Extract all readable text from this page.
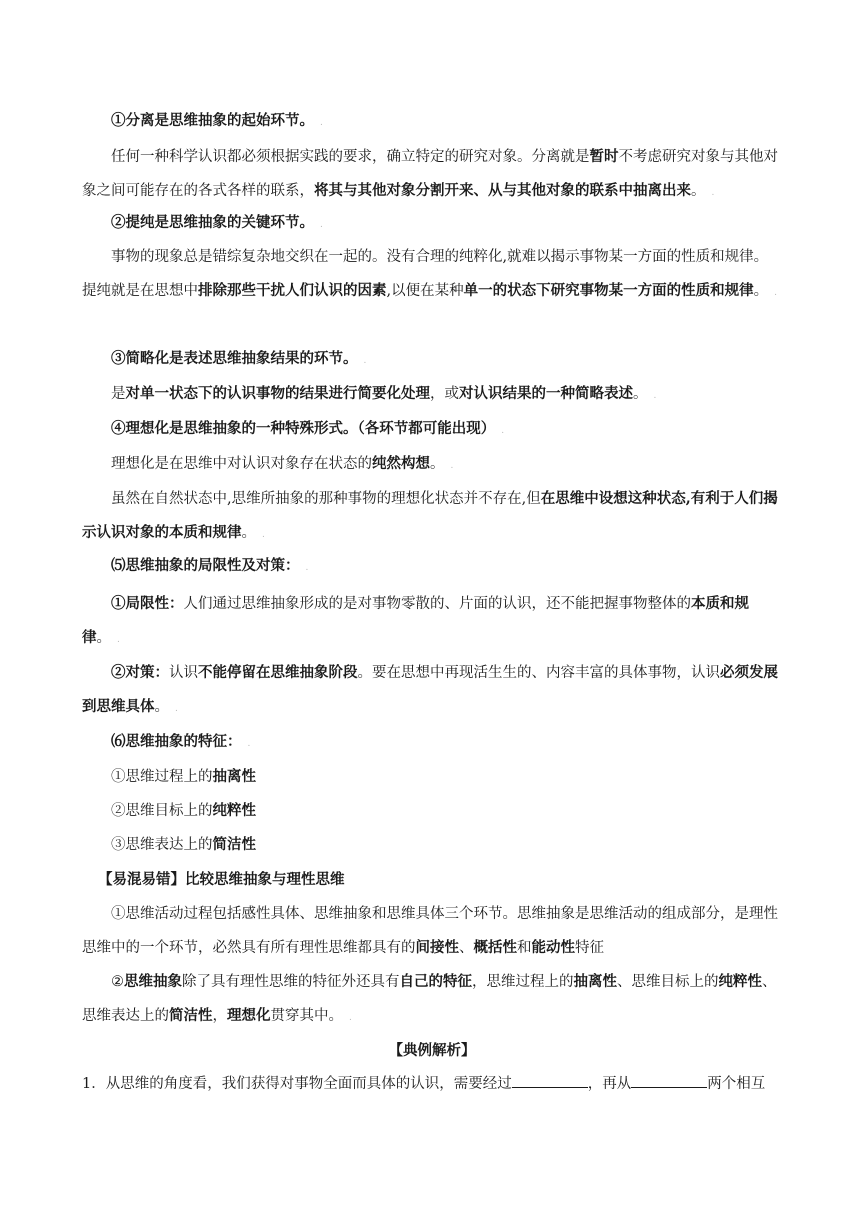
①分离是思维抽象的起始环节。 .
任何一种科学认识都必须根据实践的要求，确立特定的研究对象。分离就是暂时不考虑研究对象与其他对象之间可能存在的各式各样的联系，将其与其他对象分割开来、从与其他对象的联系中抽离出来。 .
②提纯是思维抽象的关键环节。 .
事物的现象总是错综复杂地交织在一起的。没有合理的纯粹化,就难以揭示事物某一方面的性质和规律。提纯就是在思想中排除那些干扰人们认识的因素,以便在某种单一的状态下研究事物某一方面的性质和规律。 .
③简略化是表述思维抽象结果的环节。 .
是对单一状态下的认识事物的结果进行简要化处理，或对认识结果的一种简略表述。 .
④理想化是思维抽象的一种特殊形式。（各环节都可能出现） .
理想化是在思维中对认识对象存在状态的纯然构想。 .
虽然在自然状态中,思维所抽象的那种事物的理想化状态并不存在,但在思维中设想这种状态,有利于人们揭示认识对象的本质和规律。 .
⑸思维抽象的局限性及对策： .
①局限性：人们通过思维抽象形成的是对事物零散的、片面的认识，还不能把握事物整体的本质和规律。 .
②对策：认识不能停留在思维抽象阶段。要在思想中再现活生生的、内容丰富的具体事物，认识必须发展到思维具体。 .
⑹思维抽象的特征： .
①思维过程上的抽离性
②思维目标上的纯粹性
③思维表达上的简洁性
【易混易错】比较思维抽象与理性思维
①思维活动过程包括感性具体、思维抽象和思维具体三个环节。思维抽象是思维活动的组成部分，是理性思维中的一个环节，必然具有所有理性思维都具有的间接性、概括性和能动性特征
②思维抽象除了具有理性思维的特征外还具有自己的特征，思维过程上的抽离性、思维目标上的纯粹性、思维表达上的简洁性，理想化贯穿其中。 .
【典例解析】
1．从思维的角度看，我们获得对事物全面而具体的认识，需要经过	，再从	两个相互
